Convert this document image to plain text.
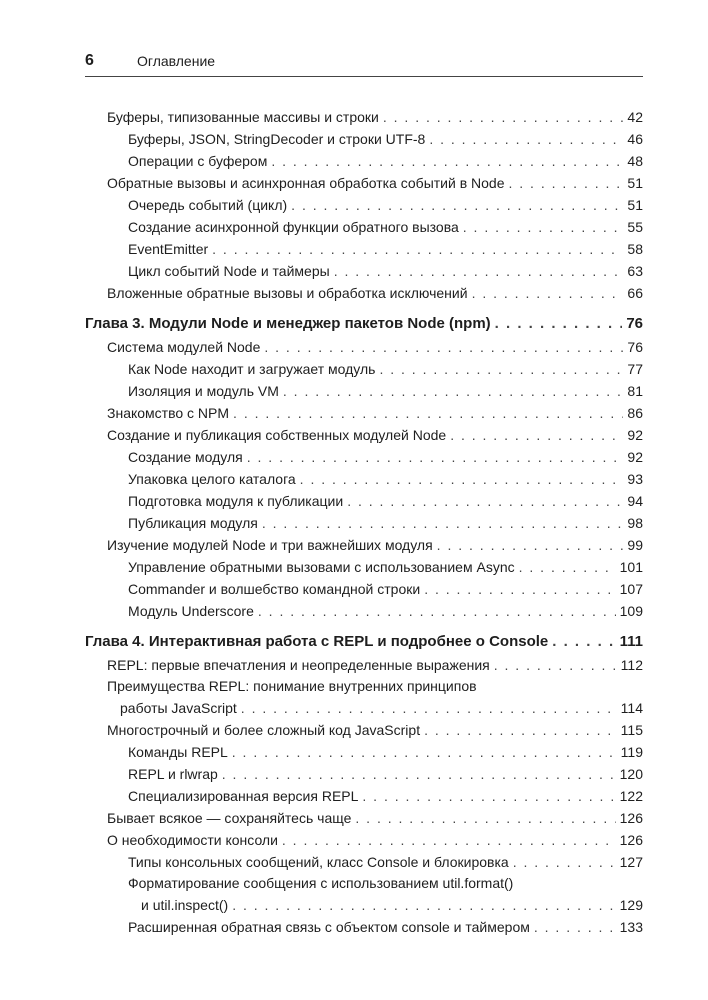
6	Оглавление
Буферы, типизованные массивы и строки . . .	42
Буферы, JSON, StringDecoder и строки UTF-8 . . .	46
Операции с буфером . . .	48
Обратные вызовы и асинхронная обработка событий в Node . . .	51
Очередь событий (цикл) . . .	51
Создание асинхронной функции обратного вызова . . .	55
EventEmitter . . .	58
Цикл событий Node и таймеры . . .	63
Вложенные обратные вызовы и обработка исключений . . .	66
Глава 3. Модули Node и менеджер пакетов Node (npm) . . .	76
Система модулей Node . . .	76
Как Node находит и загружает модуль . . .	77
Изоляция и модуль VM . . .	81
Знакомство с NPM . . .	86
Создание и публикация собственных модулей Node . . .	92
Создание модуля . . .	92
Упаковка целого каталога . . .	93
Подготовка модуля к публикации . . .	94
Публикация модуля . . .	98
Изучение модулей Node и три важнейших модуля . . .	99
Управление обратными вызовами с использованием Async . . .	101
Commander и волшебство командной строки . . .	107
Модуль Underscore . . .	109
Глава 4. Интерактивная работа с REPL и подробнее о Console . . .	111
REPL: первые впечатления и неопределенные выражения . . .	112
Преимущества REPL: понимание внутренних принципов
работы JavaScript . . .	114
Многострочный и более сложный код JavaScript . . .	115
Команды REPL . . .	119
REPL и rlwrap . . .	120
Специализированная версия REPL . . .	122
Бывает всякое — сохраняйтесь чаще . . .	126
О необходимости консоли . . .	126
Типы консольных сообщений, класс Console и блокировка . . .	127
Форматирование сообщения с использованием util.format()
и util.inspect() . . .	129
Расширенная обратная связь с объектом console и таймером . . .	133
